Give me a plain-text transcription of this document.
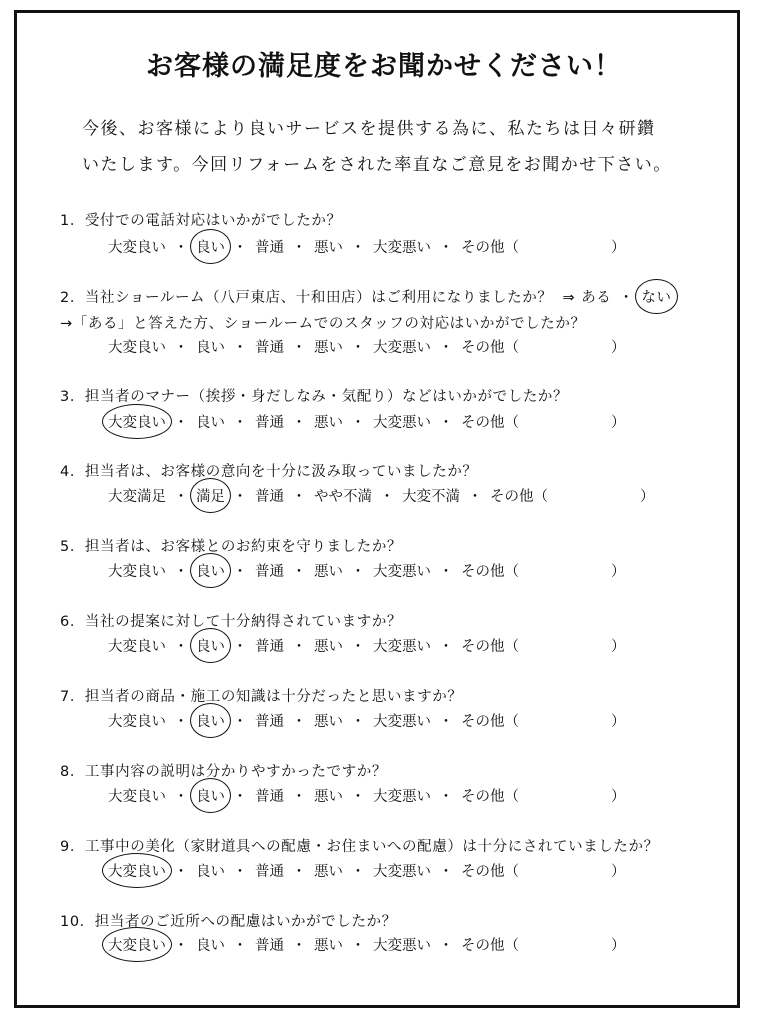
お客様の満足度をお聞かせください！
今後、お客様により良いサービスを提供する為に、私たちは日々研鑽
いたします。今回リフォームをされた率直なご意見をお聞かせ下さい。
1．受付での電話対応はいかがでしたか？
大変良い ・ 良い ・ 普通 ・ 悪い ・ 大変悪い ・ その他（	）
2．当社ショールーム（八戸東店、十和田店）はご利用になりましたか？ ⇒ ある ・ ない
→「ある」と答えた方、ショールームでのスタッフの対応はいかがでしたか？
大変良い ・ 良い ・ 普通 ・ 悪い ・ 大変悪い ・ その他（	）
3．担当者のマナー（挨拶・身だしなみ・気配り）などはいかがでしたか？
大変良い ・ 良い ・ 普通 ・ 悪い ・ 大変悪い ・ その他（	）
4．担当者は、お客様の意向を十分に汲み取っていましたか？
大変満足 ・ 満足 ・ 普通 ・ やや不満 ・ 大変不満 ・ その他（	）
5．担当者は、お客様とのお約束を守りましたか？
大変良い ・ 良い ・ 普通 ・ 悪い ・ 大変悪い ・ その他（	）
6．当社の提案に対して十分納得されていますか？
大変良い ・ 良い ・ 普通 ・ 悪い ・ 大変悪い ・ その他（	）
7．担当者の商品・施工の知識は十分だったと思いますか？
大変良い ・ 良い ・ 普通 ・ 悪い ・ 大変悪い ・ その他（	）
8．工事内容の説明は分かりやすかったですか？
大変良い ・ 良い ・ 普通 ・ 悪い ・ 大変悪い ・ その他（	）
9．工事中の美化（家財道具への配慮・お住まいへの配慮）は十分にされていましたか？
大変良い ・ 良い ・ 普通 ・ 悪い ・ 大変悪い ・ その他（	）
10．担当者のご近所への配慮はいかがでしたか？
大変良い ・ 良い ・ 普通 ・ 悪い ・ 大変悪い ・ その他（	）
